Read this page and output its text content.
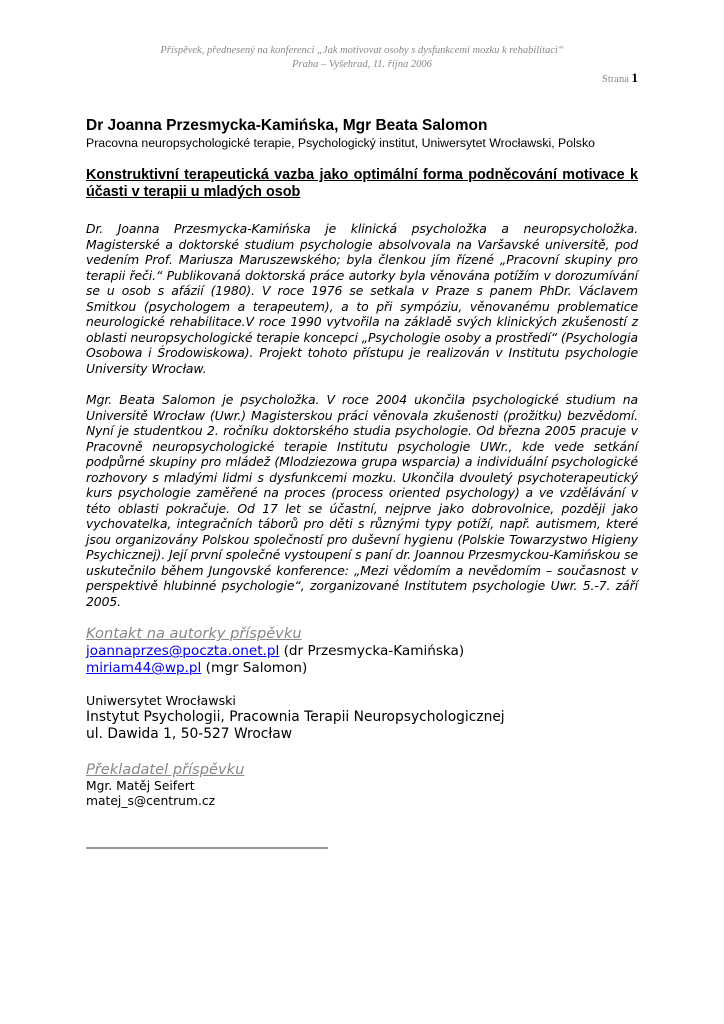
Příspěvek, přednesený na konferenci „Jak motivovat osoby s dysfunkcemi mozku k rehabilitaci“
Praha – Vyšehrad, 11. října 2006
Strana 1

Dr Joanna Przesmycka-Kamińska, Mgr Beata Salomon

Pracovna neuropsychologické terapie, Psychologický institut, Uniwersytet Wrocławski, Polsko

Konstruktivní terapeutická vazba jako optimální forma podněcování motivace k účasti v terapii u mladých osob

Dr. Joanna Przesmycka-Kamińska je klinická psycholožka a neuropsycholožka. Magisterské a doktorské studium psychologie absolvovala na Varšavské universitě, pod vedením Prof. Mariusza Maruszewského; byla členkou jím řízené „Pracovní skupiny pro terapii řeči.“ Publikovaná doktorská práce autorky byla věnována potížím v dorozumívání se u osob s afázií (1980). V roce 1976 se setkala v Praze s panem PhDr. Václavem Smitkou (psychologem a terapeutem), a to při sympóziu, věnovanému problematice neurologické rehabilitace.V roce 1990 vytvořila na základě svých klinických zkušeností z oblasti neuropsychologické terapie koncepci „Psychologie osoby a prostředí“ (Psychologia Osobowa i Środowiskowa). Projekt tohoto přístupu je realizován v Institutu psychologie University Wrocław.

Mgr. Beata Salomon je psycholožka. V roce 2004 ukončila psychologické studium na Universitě Wrocław (Uwr.) Magisterskou práci věnovala zkušenosti (prožitku) bezvědomí. Nyní je studentkou 2. ročníku doktorského studia psychologie. Od března 2005 pracuje v Pracovně neuropsychologické terapie Institutu psychologie UWr., kde vede setkání podpůrné skupiny pro mládež (Mlodziezowa grupa wsparcia) a individuální psychologické rozhovory s mladými lidmi s dysfunkcemi mozku. Ukončila dvouletý psychoterapeutický kurs psychologie zaměřené na proces (process oriented psychology) a ve vzdělávání v této oblasti pokračuje. Od 17 let se účastní, nejprve jako dobrovolnice, později jako vychovatelka, integračních táborů pro děti s různými typy potíží, např. autismem, které jsou organizovány Polskou společností pro duševní hygienu (Polskie Towarzystwo Higieny Psychicznej). Její první společné vystoupení s paní dr. Joannou Przesmyckou-Kamińskou se uskutečnilo během Jungovské konference: „Mezi vědomím a nevědomím – současnost v perspektivě hlubinné psychologie“, zorganizované Institutem psychologie Uwr. 5.-7. září 2005.

Kontakt na autorky příspěvku

joannaprzes@poczta.onet.pl (dr Przesmycka-Kamińska)

miriam44@wp.pl (mgr Salomon)

Uniwersytet Wrocławski

Instytut Psychologii, Pracownia Terapii Neuropsychologicznej

ul. Dawida 1, 50-527 Wrocław

Překladatel příspěvku

Mgr. Matěj Seifert

matej_s@centrum.cz
